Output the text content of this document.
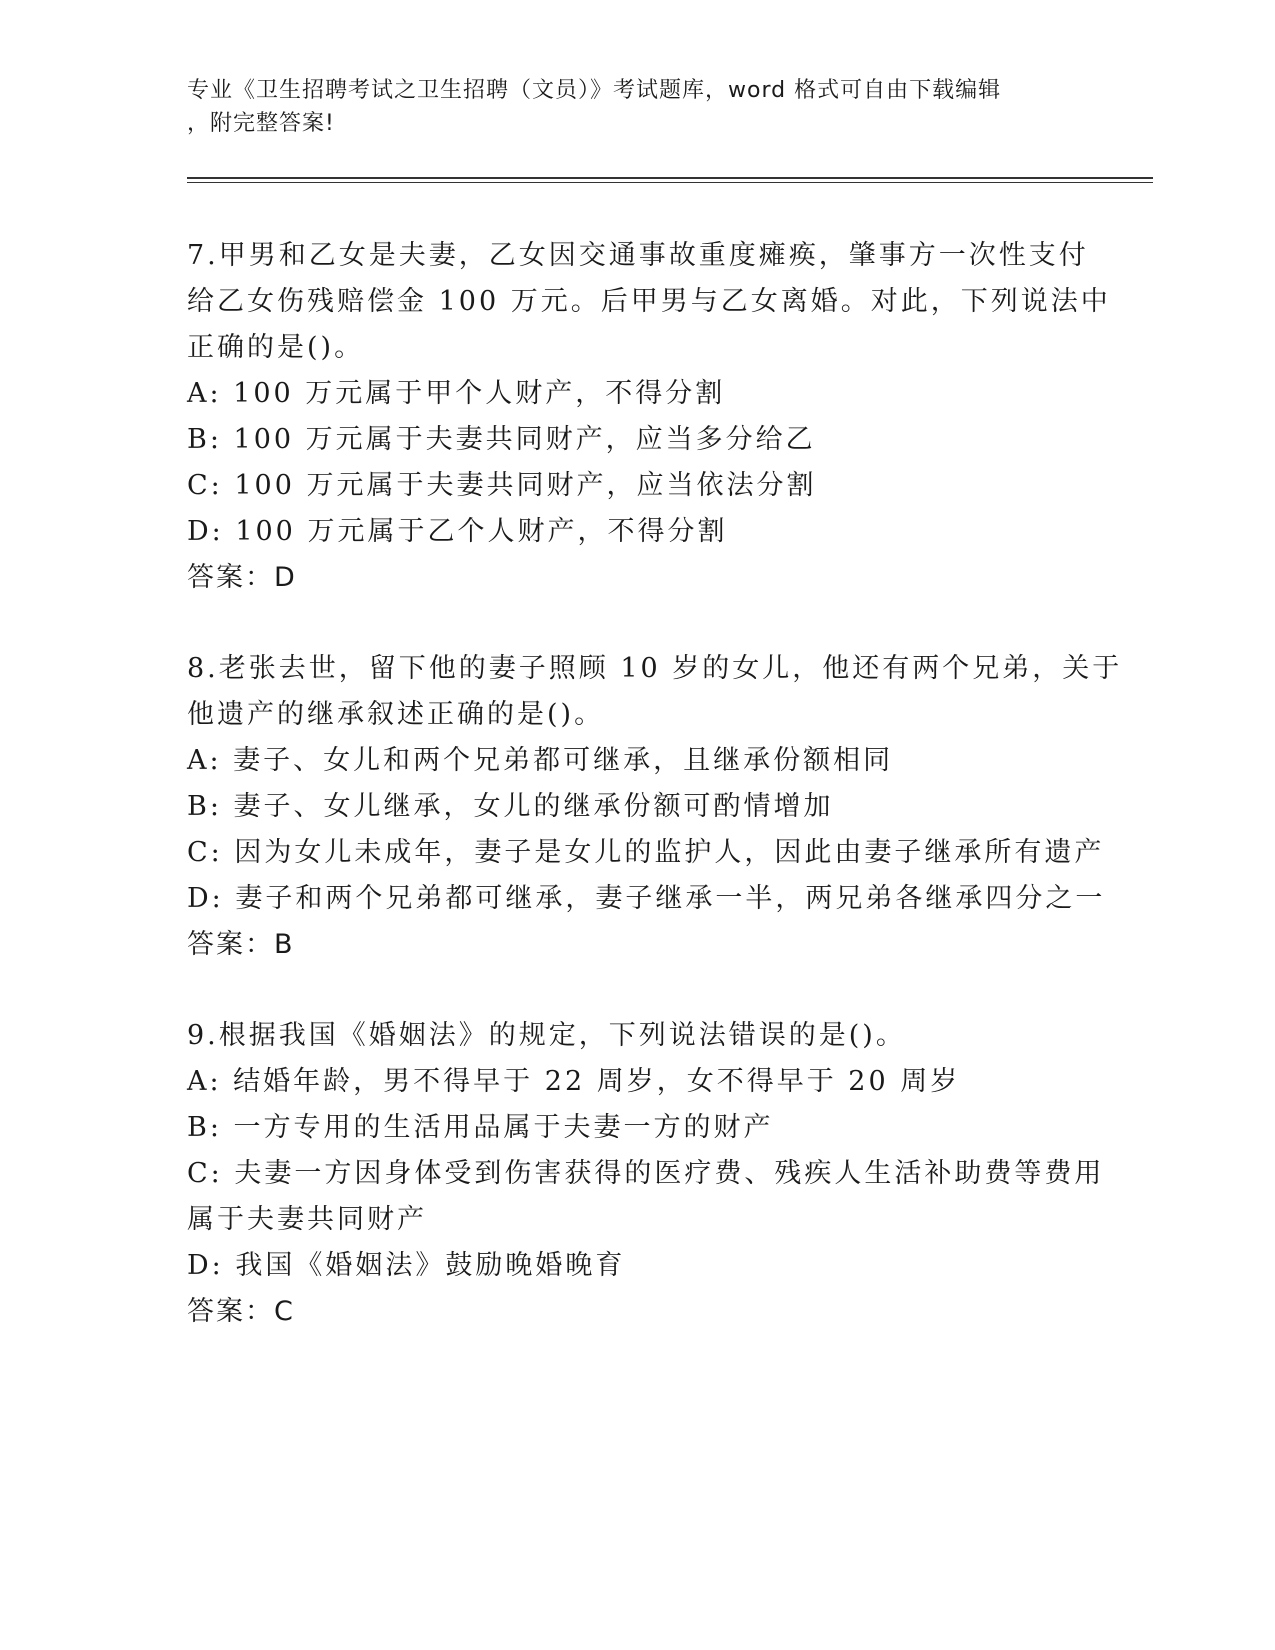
专业《卫生招聘考试之卫生招聘（文员）》考试题库，word 格式可自由下载编辑
，附完整答案!
7.甲男和乙女是夫妻，乙女因交通事故重度瘫痪，肇事方一次性支付
给乙女伤残赔偿金 100 万元。后甲男与乙女离婚。对此，下列说法中
正确的是()。
A: 100 万元属于甲个人财产，不得分割
B: 100 万元属于夫妻共同财产，应当多分给乙
C: 100 万元属于夫妻共同财产，应当依法分割
D: 100 万元属于乙个人财产，不得分割
答案：D
8.老张去世，留下他的妻子照顾 10 岁的女儿，他还有两个兄弟，关于
他遗产的继承叙述正确的是()。
A: 妻子、女儿和两个兄弟都可继承，且继承份额相同
B: 妻子、女儿继承，女儿的继承份额可酌情增加
C: 因为女儿未成年，妻子是女儿的监护人，因此由妻子继承所有遗产
D: 妻子和两个兄弟都可继承，妻子继承一半，两兄弟各继承四分之一
答案：B
9.根据我国《婚姻法》的规定，下列说法错误的是()。
A: 结婚年龄，男不得早于 22 周岁，女不得早于 20 周岁
B: 一方专用的生活用品属于夫妻一方的财产
C: 夫妻一方因身体受到伤害获得的医疗费、残疾人生活补助费等费用
属于夫妻共同财产
D: 我国《婚姻法》鼓励晚婚晚育
答案：C
